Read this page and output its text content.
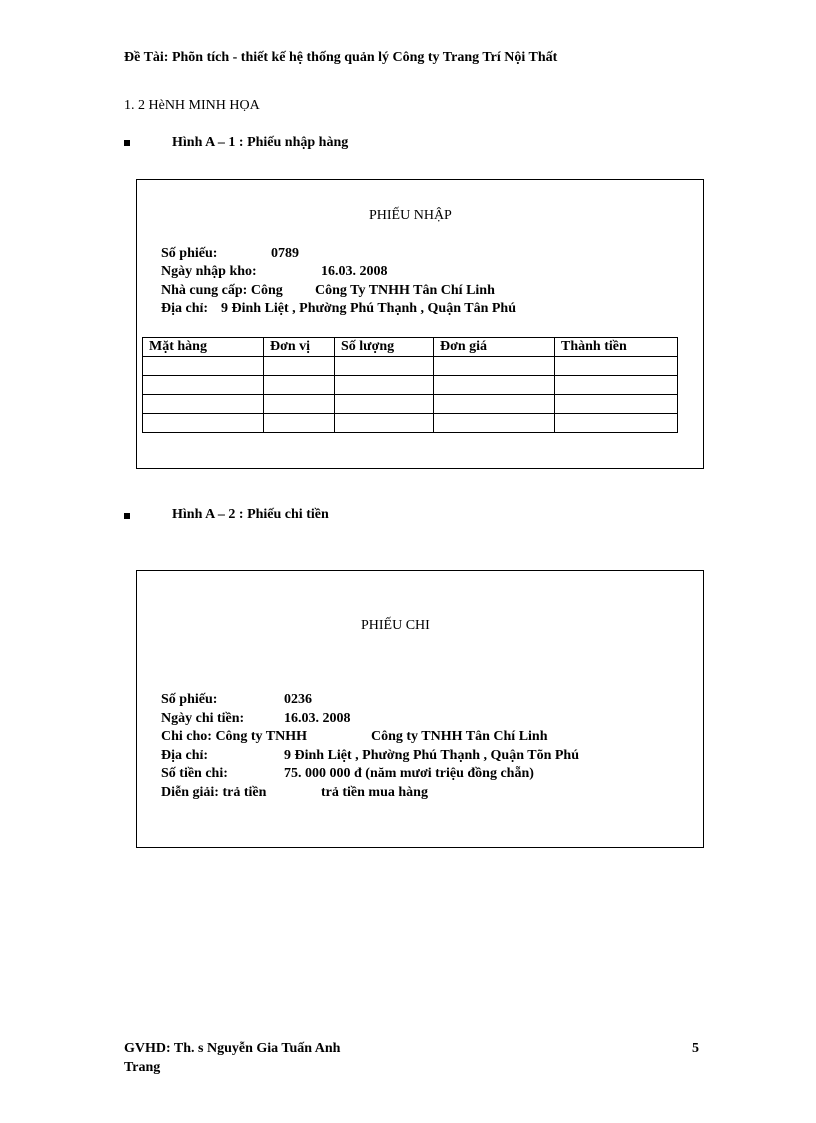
Đề Tài: Phõn tích - thiết kế hệ thống quản lý Công ty Trang Trí Nội Thất
1. 2 HèNH MINH HỌA
Hình A – 1 : Phiếu nhập hàng
PHIẾU NHẬP
Số phiếu:	0789
Ngày nhập kho:	16.03. 2008
Nhà cung cấp: Công Công Ty TNHH Tân Chí Linh
Địa chỉ: 9 Đinh Liệt , Phường Phú Thạnh , Quận Tân Phú
Mặt hàng	Đơn vị	Số lượng	Đơn giá	Thành tiền

Hình A – 2 : Phiếu chi tiền
PHIẾU CHI
Số phiếu:	0236
Ngày chi tiền:	16.03. 2008
Chi cho: Công ty TNHH	Công ty TNHH Tân Chí Linh
Địa chỉ:	9 Đinh Liệt , Phường Phú Thạnh , Quận Tõn Phú
Số tiền chi:	75. 000 000 đ (năm mươi triệu đồng chẵn)
Diễn giải: trả tiền	trả tiền mua hàng
GVHD: Th. s Nguyễn Gia Tuấn Anh
Trang
5
